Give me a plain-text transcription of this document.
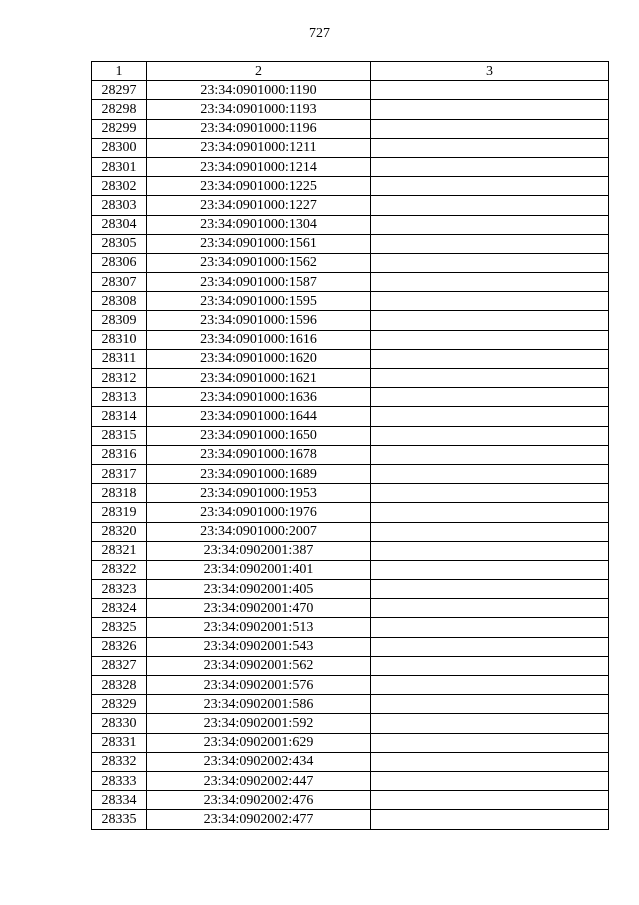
727
1	2	3
28297	23:34:0901000:1190	
28298	23:34:0901000:1193	
28299	23:34:0901000:1196	
28300	23:34:0901000:1211	
28301	23:34:0901000:1214	
28302	23:34:0901000:1225	
28303	23:34:0901000:1227	
28304	23:34:0901000:1304	
28305	23:34:0901000:1561	
28306	23:34:0901000:1562	
28307	23:34:0901000:1587	
28308	23:34:0901000:1595	
28309	23:34:0901000:1596	
28310	23:34:0901000:1616	
28311	23:34:0901000:1620	
28312	23:34:0901000:1621	
28313	23:34:0901000:1636	
28314	23:34:0901000:1644	
28315	23:34:0901000:1650	
28316	23:34:0901000:1678	
28317	23:34:0901000:1689	
28318	23:34:0901000:1953	
28319	23:34:0901000:1976	
28320	23:34:0901000:2007	
28321	23:34:0902001:387	
28322	23:34:0902001:401	
28323	23:34:0902001:405	
28324	23:34:0902001:470	
28325	23:34:0902001:513	
28326	23:34:0902001:543	
28327	23:34:0902001:562	
28328	23:34:0902001:576	
28329	23:34:0902001:586	
28330	23:34:0902001:592	
28331	23:34:0902001:629	
28332	23:34:0902002:434	
28333	23:34:0902002:447	
28334	23:34:0902002:476	
28335	23:34:0902002:477	
